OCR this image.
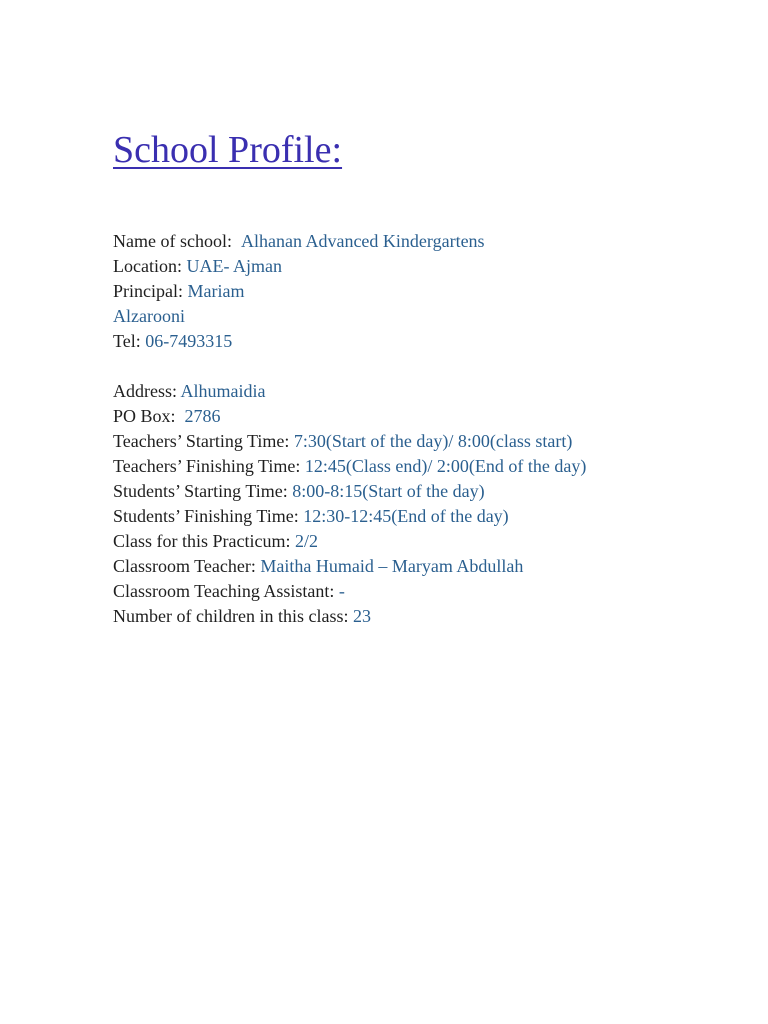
School Profile:
Name of school:  Alhanan Advanced Kindergartens
Location: UAE- Ajman
Principal: Mariam
Alzarooni
Tel: 06-7493315
Address: Alhumaidia
PO Box:  2786
Teachers’ Starting Time: 7:30(Start of the day)/ 8:00(class start)
Teachers’ Finishing Time: 12:45(Class end)/ 2:00(End of the day)
Students’ Starting Time: 8:00-8:15(Start of the day)
Students’ Finishing Time: 12:30-12:45(End of the day)
Class for this Practicum: 2/2
Classroom Teacher: Maitha Humaid – Maryam Abdullah
Classroom Teaching Assistant: -
Number of children in this class: 23
